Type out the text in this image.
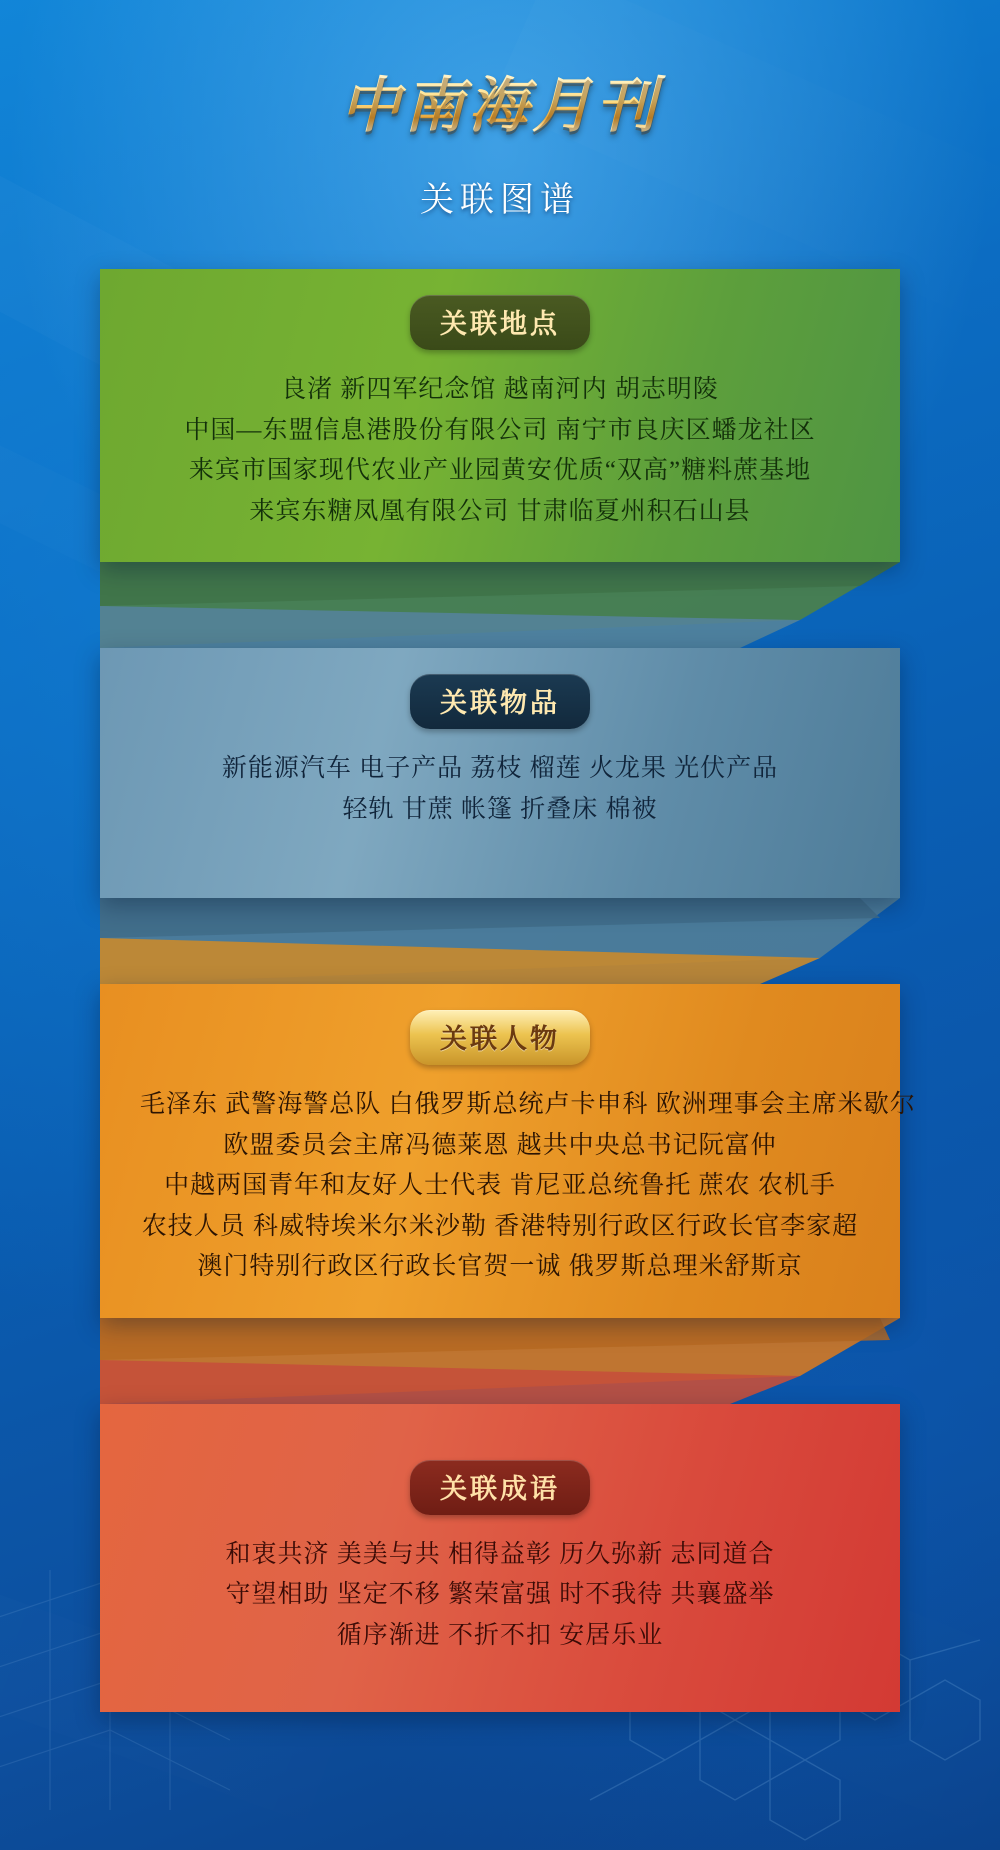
中南海月刊
关联图谱
关联地点
良渚 新四军纪念馆 越南河内 胡志明陵
中国—东盟信息港股份有限公司 南宁市良庆区蟠龙社区
来宾市国家现代农业产业园黄安优质“双高”糖料蔗基地
来宾东糖凤凰有限公司 甘肃临夏州积石山县
关联物品
新能源汽车 电子产品 荔枝 榴莲 火龙果 光伏产品
轻轨 甘蔗 帐篷 折叠床 棉被
关联人物
毛泽东 武警海警总队 白俄罗斯总统卢卡申科 欧洲理事会主席米歇尔
欧盟委员会主席冯德莱恩 越共中央总书记阮富仲
中越两国青年和友好人士代表 肯尼亚总统鲁托 蔗农 农机手
农技人员 科威特埃米尔米沙勒 香港特别行政区行政长官李家超
澳门特别行政区行政长官贺一诚 俄罗斯总理米舒斯京
关联成语
和衷共济 美美与共 相得益彰 历久弥新 志同道合
守望相助 坚定不移 繁荣富强 时不我待 共襄盛举
循序渐进 不折不扣 安居乐业
